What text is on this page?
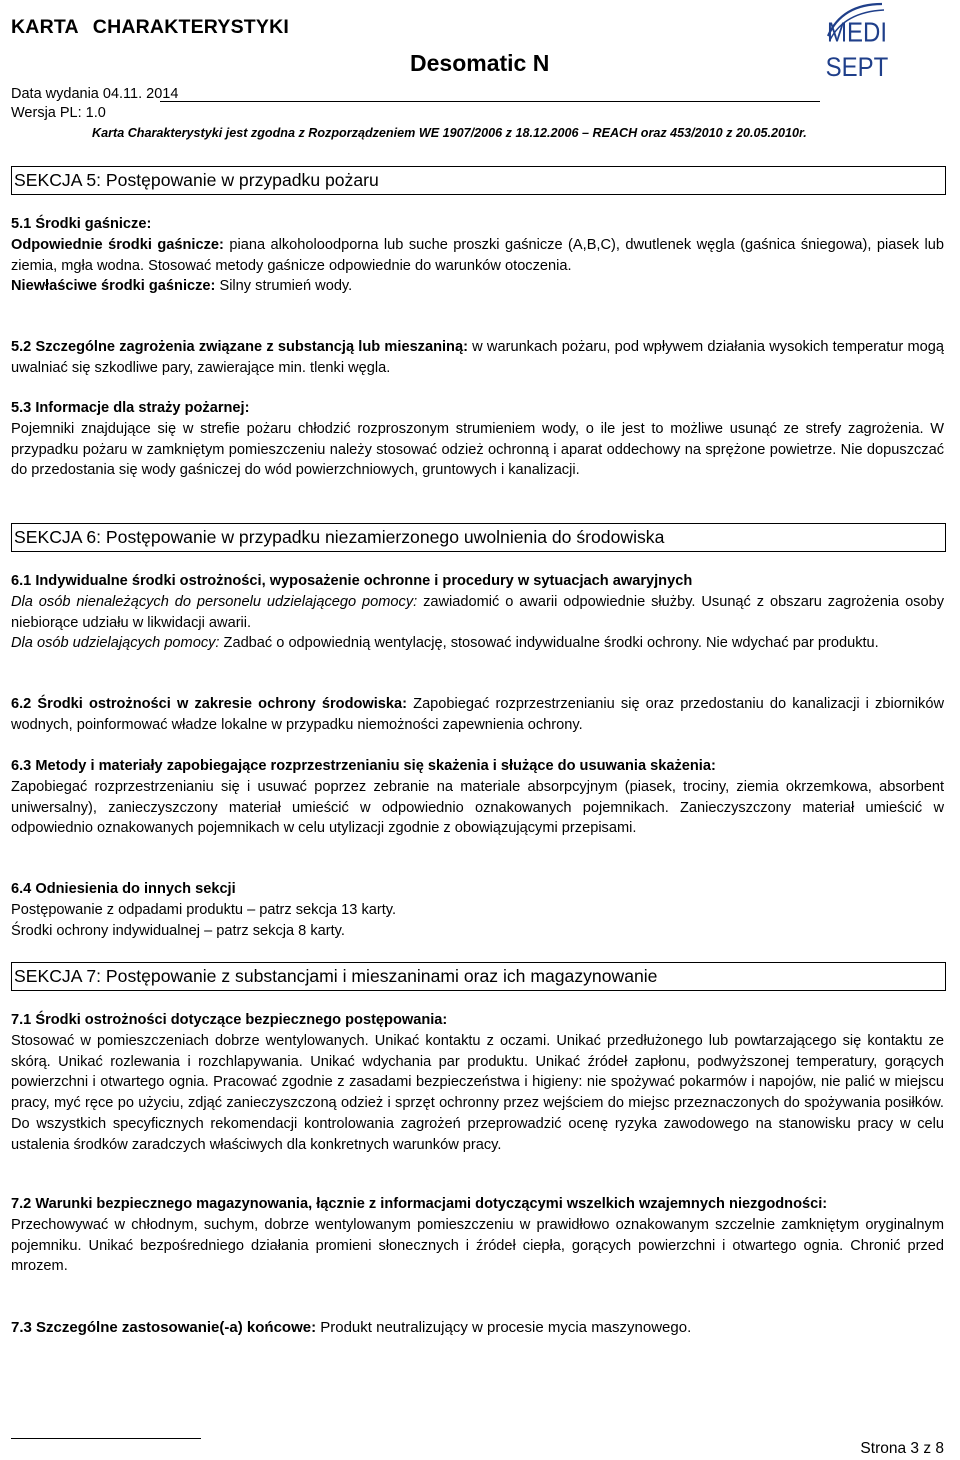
KARTA CHARAKTERYSTYKI
Desomatic N
Data wydania 04.11. 2014
Wersja PL: 1.0
Karta Charakterystyki jest zgodna z Rozporządzeniem WE 1907/2006 z 18.12.2006 – REACH oraz 453/2010 z 20.05.2010r.
MEDI
SEPT
SEKCJA 5: Postępowanie w przypadku pożaru

5.1 Środki gaśnicze:

Odpowiednie środki gaśnicze: piana alkoholoodporna lub suche proszki gaśnicze (A,B,C), dwutlenek węgla (gaśnica śniegowa), piasek lub ziemia, mgła wodna. Stosować metody gaśnicze odpowiednie do warunków otoczenia.

Niewłaściwe środki gaśnicze: Silny strumień wody.

5.2 Szczególne zagrożenia związane z substancją lub mieszaniną: w warunkach pożaru, pod wpływem działania wysokich temperatur mogą uwalniać się szkodliwe pary, zawierające min. tlenki węgla.

5.3 Informacje dla straży pożarnej:

Pojemniki znajdujące się w strefie pożaru chłodzić rozproszonym strumieniem wody, o ile jest to możliwe usunąć ze strefy zagrożenia. W przypadku pożaru w zamkniętym pomieszczeniu należy stosować odzież ochronną i aparat oddechowy na sprężone powietrze. Nie dopuszczać do przedostania się wody gaśniczej do wód powierzchniowych, gruntowych i kanalizacji.

SEKCJA 6: Postępowanie w przypadku niezamierzonego uwolnienia do środowiska

6.1 Indywidualne środki ostrożności, wyposażenie ochronne i procedury w sytuacjach awaryjnych

Dla osób nienależących do personelu udzielającego pomocy: zawiadomić o awarii odpowiednie służby. Usunąć z obszaru zagrożenia osoby niebiorące udziału w likwidacji awarii.

Dla osób udzielających pomocy: Zadbać o odpowiednią wentylację, stosować indywidualne środki ochrony. Nie wdychać par produktu.

6.2 Środki ostrożności w zakresie ochrony środowiska: Zapobiegać rozprzestrzenianiu się oraz przedostaniu do kanalizacji i zbiorników wodnych, poinformować władze lokalne w przypadku niemożności zapewnienia ochrony.

6.3 Metody i materiały zapobiegające rozprzestrzenianiu się skażenia i służące do usuwania skażenia:

Zapobiegać rozprzestrzenianiu się i usuwać poprzez zebranie na materiale absorpcyjnym (piasek, trociny, ziemia okrzemkowa, absorbent uniwersalny), zanieczyszczony materiał umieścić w odpowiednio oznakowanych pojemnikach. Zanieczyszczony materiał umieścić w odpowiednio oznakowanych pojemnikach w celu utylizacji zgodnie z obowiązującymi przepisami.

6.4 Odniesienia do innych sekcji

Postępowanie z odpadami produktu – patrz sekcja 13 karty.

Środki ochrony indywidualnej – patrz sekcja 8 karty.

SEKCJA 7: Postępowanie z substancjami i mieszaninami oraz ich magazynowanie

7.1 Środki ostrożności dotyczące bezpiecznego postępowania:

Stosować w pomieszczeniach dobrze wentylowanych. Unikać kontaktu z oczami. Unikać przedłużonego lub powtarzającego się kontaktu ze skórą. Unikać rozlewania i rozchlapywania. Unikać wdychania par produktu. Unikać źródeł zapłonu, podwyższonej temperatury, gorących powierzchni i otwartego ognia. Pracować zgodnie z zasadami bezpieczeństwa i higieny: nie spożywać pokarmów i napojów, nie palić w miejscu pracy, myć ręce po użyciu, zdjąć zanieczyszczoną odzież i sprzęt ochronny przez wejściem do miejsc przeznaczonych do spożywania posiłków. Do wszystkich specyficznych rekomendacji kontrolowania zagrożeń przeprowadzić ocenę ryzyka zawodowego na stanowisku pracy w celu ustalenia środków zaradczych właściwych dla konkretnych warunków pracy.

7.2 Warunki bezpiecznego magazynowania, łącznie z informacjami dotyczącymi wszelkich wzajemnych niezgodności:

Przechowywać w chłodnym, suchym, dobrze wentylowanym pomieszczeniu w prawidłowo oznakowanym szczelnie zamkniętym oryginalnym pojemniku. Unikać bezpośredniego działania promieni słonecznych i źródeł ciepła, gorących powierzchni i otwartego ognia. Chronić przed mrozem.

7.3 Szczególne zastosowanie(-a) końcowe: Produkt neutralizujący w procesie mycia maszynowego.

Strona 3 z 8
